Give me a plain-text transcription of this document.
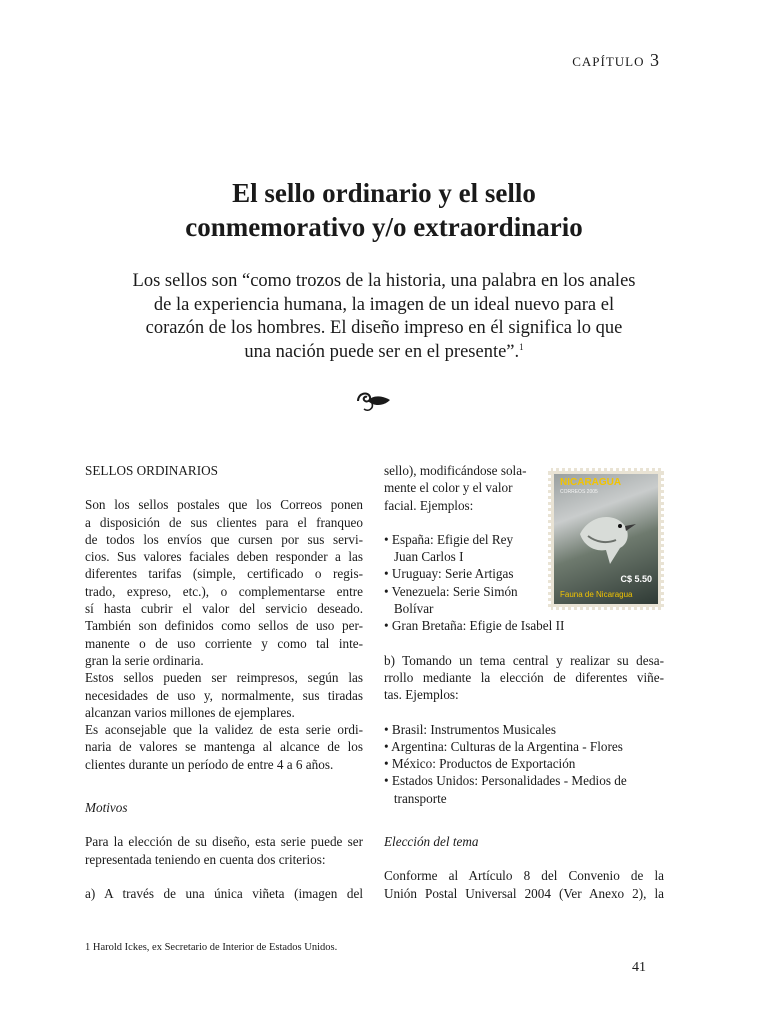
capítulo 3
El sello ordinario y el sello
conmemorativo y/o extraordinario
Los sellos son “como trozos de la historia, una palabra en los anales
de la experiencia humana, la imagen de un ideal nuevo para el
corazón de los hombres. El diseño impreso en él significa lo que
una nación puede ser en el presente”.$^1$
SELLOS ORDINARIOS
Son los sellos postales que los Correos ponen
a disposición de sus clientes para el franqueo
de todos los envíos que cursen por sus servi-
cios. Sus valores faciales deben responder a las
diferentes tarifas (simple, certificado o regis-
trado, expreso, etc.), o complementarse entre
sí hasta cubrir el valor del servicio deseado.
También son definidos como sellos de uso per-
manente o de uso corriente y como tal inte-
gran la serie ordinaria.
Estos sellos pueden ser reimpresos, según las
necesidades de uso y, normalmente, sus tiradas
alcanzan varios millones de ejemplares.
Es aconsejable que la validez de esta serie ordi-
naria de valores se mantenga al alcance de los
clientes durante un período de entre 4 a 6 años.
Motivos
Para la elección de su diseño, esta serie puede ser
representada teniendo en cuenta dos criterios:
a) A través de una única viñeta (imagen del
sello), modificándose sola-
mente el color y el valor
facial. Ejemplos:
• España: Efigie del Rey
Juan Carlos I
• Uruguay: Serie Artigas
• Venezuela: Serie Simón
Bolívar
• Gran Bretaña: Efigie de Isabel II
b) Tomando un tema central y realizar su desa-
rrollo mediante la elección de diferentes viñe-
tas. Ejemplos:
• Brasil: Instrumentos Musicales
• Argentina: Culturas de la Argentina - Flores
• México: Productos de Exportación
• Estados Unidos: Personalidades - Medios de
transporte
Elección del tema
Conforme al Artículo 8 del Convenio de la
Unión Postal Universal 2004 (Ver Anexo 2), la
NICARAGUA
CORREOS 2005
C$ 5.50
Fauna de Nicaragua
1 Harold Ickes, ex Secretario de Interior de Estados Unidos.
41
